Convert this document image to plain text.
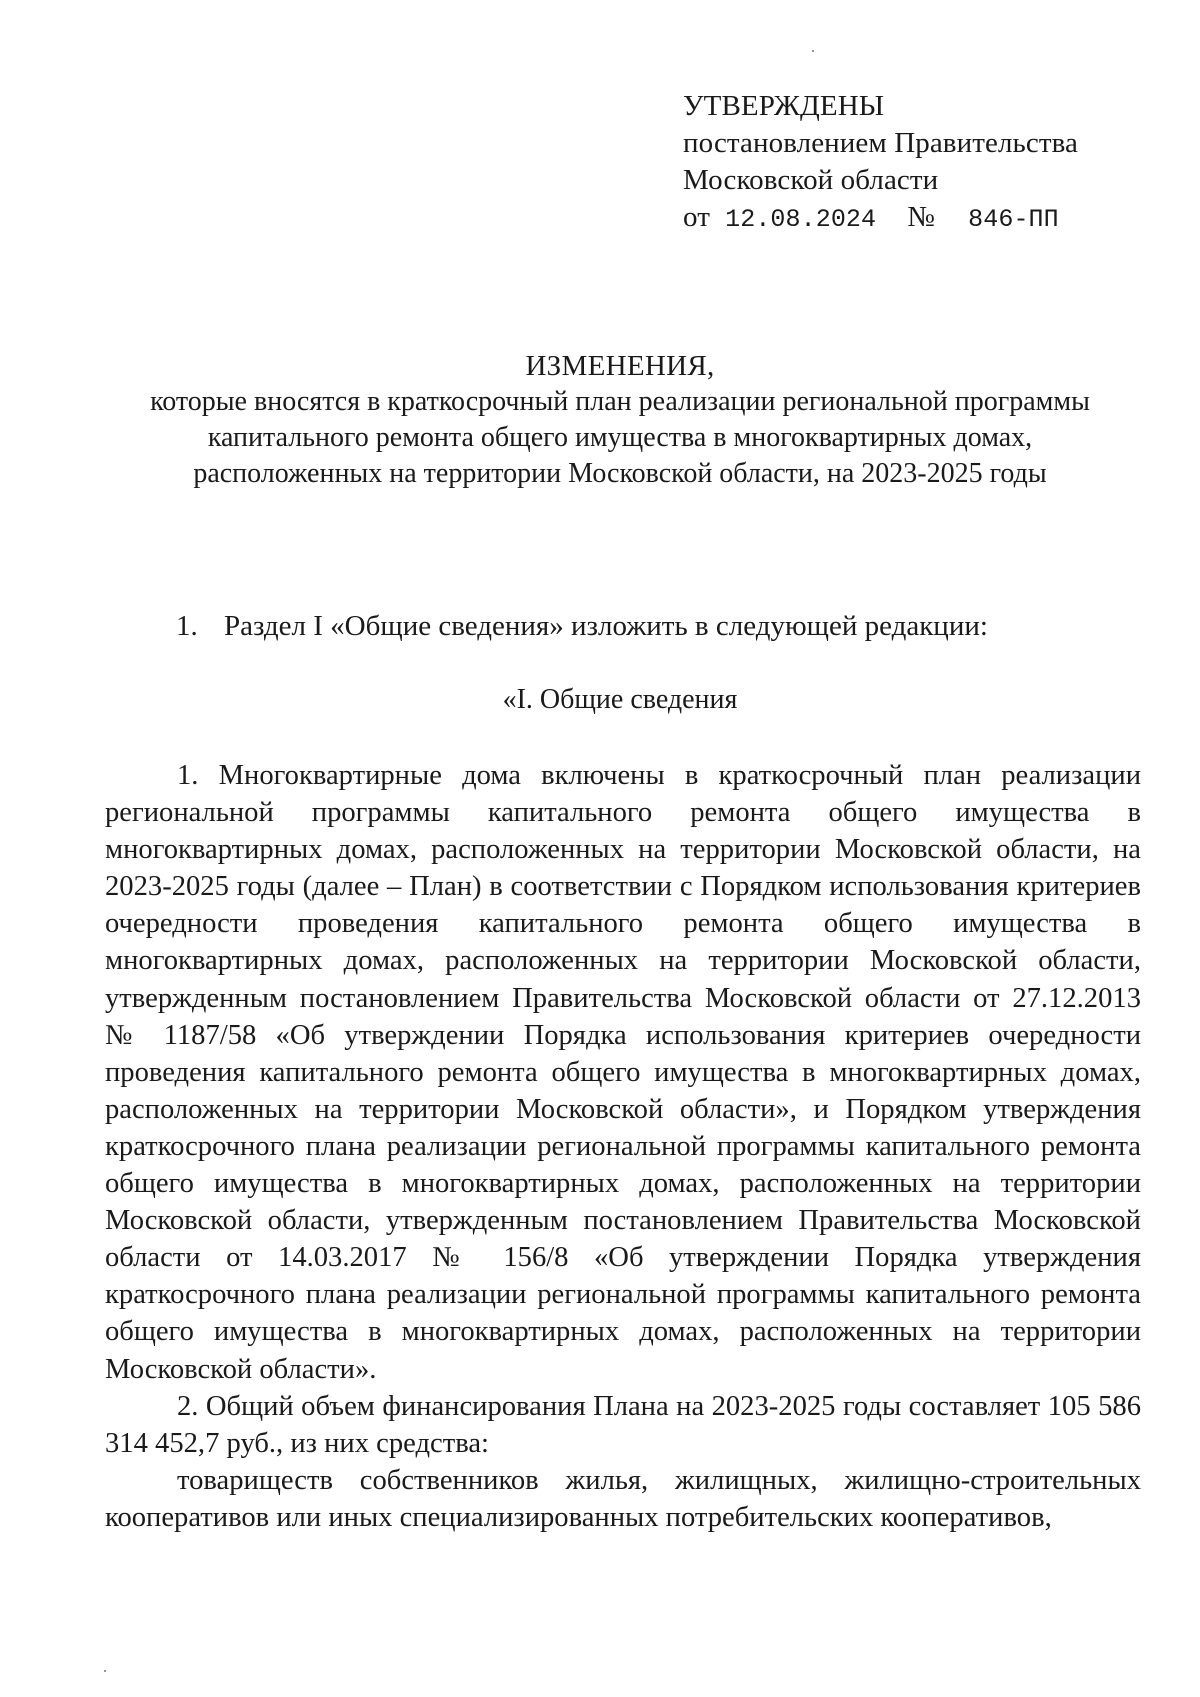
УТВЕРЖДЕНЫ
постановлением Правительства
Московской области
от 12.08.2024 № 846-ПП
ИЗМЕНЕНИЯ,
которые вносятся в краткосрочный план реализации региональной программы
капитального ремонта общего имущества в многоквартирных домах,
расположенных на территории Московской области, на 2023-2025 годы
1. Раздел I «Общие сведения» изложить в следующей редакции:
«I. Общие сведения

1. Многоквартирные дома включены в краткосрочный план реализации региональной программы капитального ремонта общего имущества в многоквартирных домах, расположенных на территории Московской области, на 2023-2025 годы (далее – План) в соответствии с Порядком использования критериев очередности проведения капитального ремонта общего имущества в многоквартирных домах, расположенных на территории Московской области, утвержденным постановлением Правительства Московской области от 27.12.2013 № 1187/58 «Об утверждении Порядка использования критериев очередности проведения капитального ремонта общего имущества в многоквартирных домах, расположенных на территории Московской области», и Порядком утверждения краткосрочного плана реализации региональной программы капитального ремонта общего имущества в многоквартирных домах, расположенных на территории Московской области, утвержденным постановлением Правительства Московской области от 14.03.2017 № 156/8 «Об утверждении Порядка утверждения краткосрочного плана реализации региональной программы капитального ремонта общего имущества в многоквартирных домах, расположенных на территории Московской области».

2. Общий объем финансирования Плана на 2023-2025 годы составляет 105 586 314 452,7 руб., из них средства:

товариществ собственников жилья, жилищных, жилищно-строительных кооперативов или иных специализированных потребительских кооперативов,
